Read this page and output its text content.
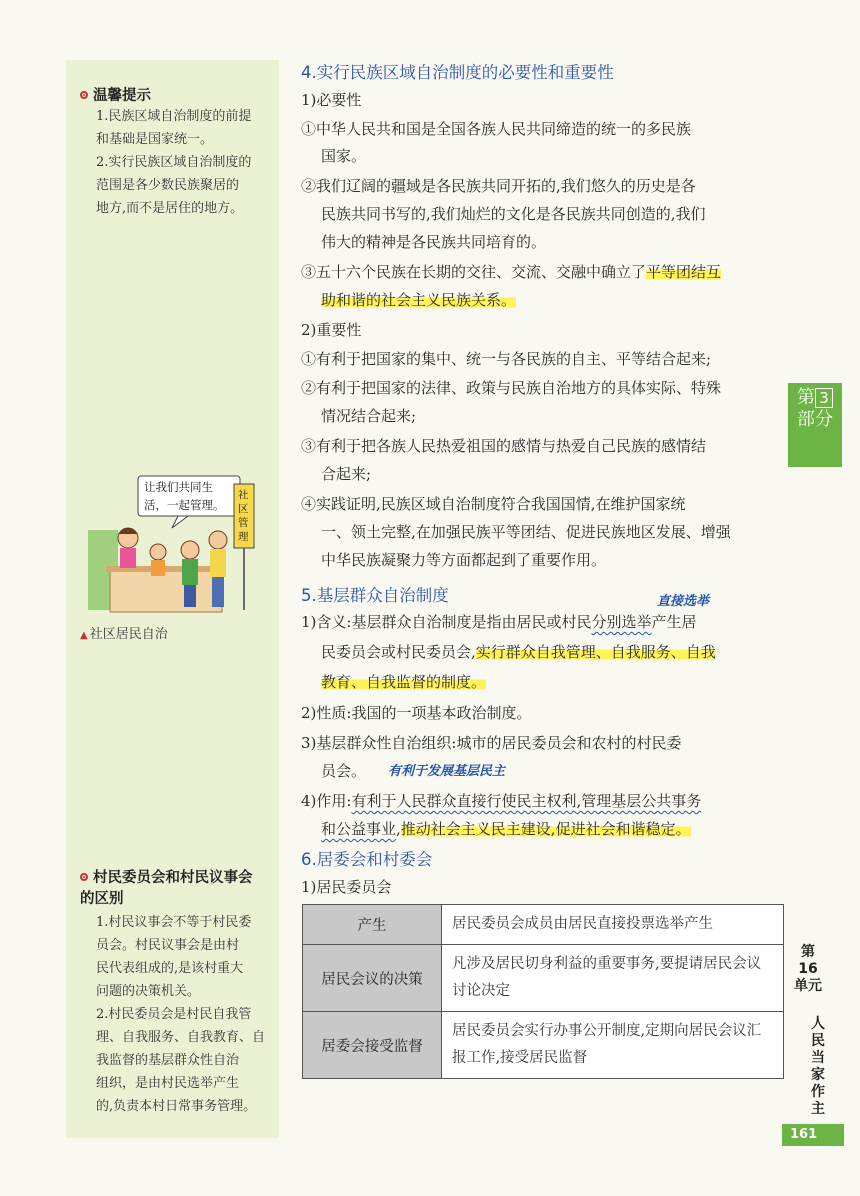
温馨提示
1.民族区域自治制度的前提
和基础是国家统一。
2.实行民族区域自治制度的
范围是各少数民族聚居的
地方,而不是居住的地方。
让我们共同生
活，一起管理。
社
区
管
理
▲ 社区居民自治
村民委员会和村民议事会
的区别
1.村民议事会不等于村民委
员会。村民议事会是由村
民代表组成的,是该村重大
问题的决策机关。
2.村民委员会是村民自我管
理、自我服务、自我教育、自
我监督的基层群众性自治
组织，是由村民选举产生
的,负责本村日常事务管理。
4.实行民族区域自治制度的必要性和重要性
1)必要性
①中华人民共和国是全国各族人民共同缔造的统一的多民族
国家。
②我们辽阔的疆域是各民族共同开拓的,我们悠久的历史是各
民族共同书写的,我们灿烂的文化是各民族共同创造的,我们
伟大的精神是各民族共同培育的。
③五十六个民族在长期的交往、交流、交融中确立了平等团结互
助和谐的社会主义民族关系。
2)重要性
①有利于把国家的集中、统一与各民族的自主、平等结合起来;
②有利于把国家的法律、政策与民族自治地方的具体实际、特殊
情况结合起来;
③有利于把各族人民热爱祖国的感情与热爱自己民族的感情结
合起来;
④实践证明,民族区域自治制度符合我国国情,在维护国家统
一、领土完整,在加强民族平等团结、促进民族地区发展、增强
中华民族凝聚力等方面都起到了重要作用。
5.基层群众自治制度	直接选举
1)含义:基层群众自治制度是指由居民或村民分别选举产生居
民委员会或村民委员会,实行群众自我管理、自我服务、自我
教育、自我监督的制度。
2)性质:我国的一项基本政治制度。
3)基层群众性自治组织:城市的居民委员会和农村的村民委
员会。 有利于发展基层民主
4)作用:有利于人民群众直接行使民主权利,管理基层公共事务
和公益事业,推动社会主义民主建设,促进社会和谐稳定。
6.居委会和村委会
1)居民委员会
产生	居民委员会成员由居民直接投票选举产生
居民会议的决策	凡涉及居民切身利益的重要事务,要提请居民会议讨论决定
居委会接受监督	居民委员会实行办事公开制度,定期向居民会议汇报工作,接受居民监督
第 3
部分
第
16
单元
人
民
当
家
作
主
161
